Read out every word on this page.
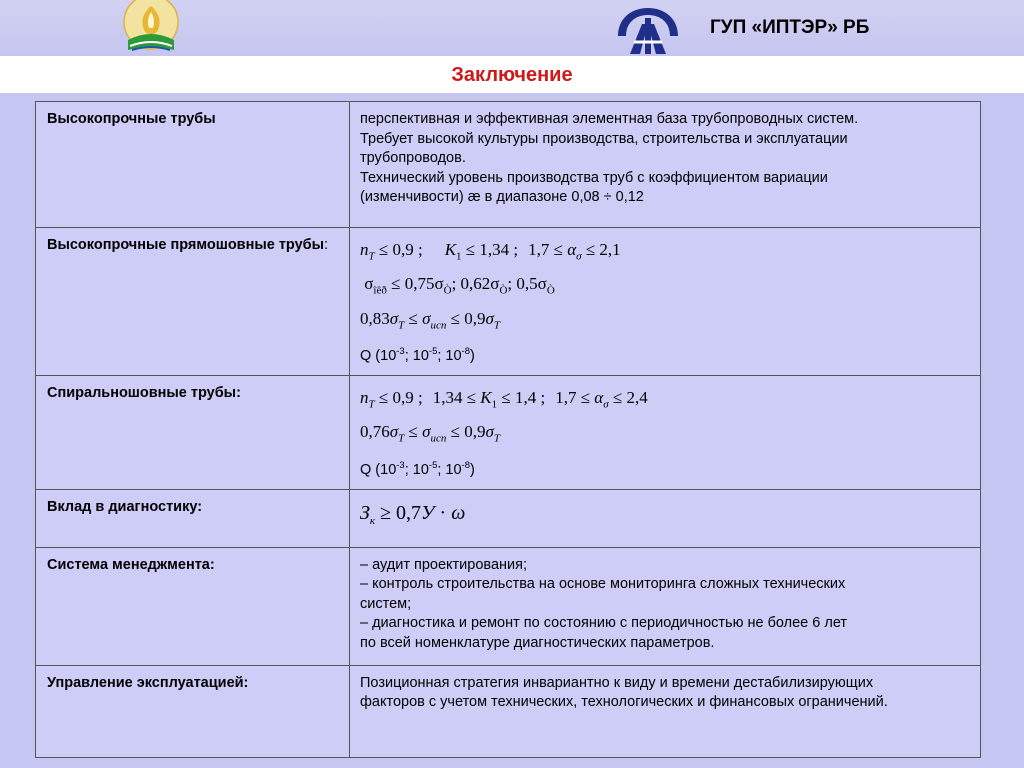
ГУП «ИПТЭР» РБ
Заключение
Высокопрочные трубы	перспективная и эффективная элементная база трубопроводных систем.
Требует высокой культуры производства, строительства и эксплуатации
трубопроводов.
Технический уровень производства труб с коэффициентом вариации
(изменчивости) æ в диапазоне 0,08 ÷ 0,12

Высокопрочные прямошовные трубы:	$n_T \le 0,9$ ; $K_1 \le 1,34$ ; $1,7 \le \alpha_\sigma \le 2,1$
$\sigma_{îêð} \le 0,75\sigma_Ò$; $0,62\sigma_Ò$; $0,5\sigma_Ò$
$0,83\sigma_T \le \sigma_{исп} \le 0,9\sigma_T$
Q ($10^{-3}$; $10^{-5}$; $10^{-8}$)

Спиральношовные трубы:	$n_T \le 0,9$ ; $1,34 \le K_1 \le 1,4$ ; $1,7 \le \alpha_\sigma \le 2,4$
$0,76\sigma_T \le \sigma_{исп} \le 0,9\sigma_T$
Q ($10^{-3}$; $10^{-5}$; $10^{-8}$)

Вклад в диагностику:	$З_к \ge 0,7У \cdot \omega$

Система менеджмента:	– аудит проектирования;
– контроль строительства на основе мониторинга сложных технических
систем;
– диагностика и ремонт по состоянию с периодичностью не более 6 лет
по всей номенклатуре диагностических параметров.

Управление эксплуатацией:	Позиционная стратегия инвариантно к виду и времени дестабилизирующих
факторов с учетом технических, технологических и финансовых ограничений.
